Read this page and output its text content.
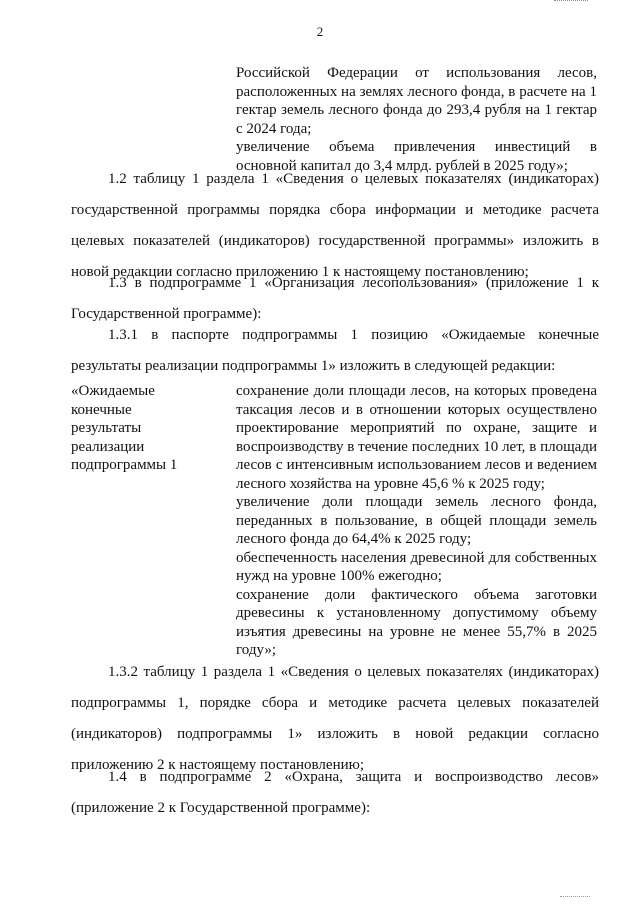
2

Российской Федерации от использования лесов, расположенных на землях лесного фонда, в расчете на 1 гектар земель лесного фонда до 293,4 рубля на 1 гектар с 2024 года;

увеличение объема привлечения инвестиций в основной капитал до 3,4 млрд. рублей в 2025 году»;

1.2 таблицу 1 раздела 1 «Сведения о целевых показателях (индикаторах) государственной программы порядка сбора информации и методике расчета целевых показателей (индикаторов) государственной программы» изложить в новой редакции согласно приложению 1 к настоящему постановлению;

1.3 в подпрограмме 1 «Организация лесопользования» (приложение 1 к Государственной программе):

1.3.1 в паспорте подпрограммы 1 позицию «Ожидаемые конечные результаты реализации подпрограммы 1» изложить в следующей редакции:

«Ожидаемые
конечные
результаты
реализации
подпрограммы 1

сохранение доли площади лесов, на которых проведена таксация лесов и в отношении которых осуществлено проектирование мероприятий по охране, защите и воспроизводству в течение последних 10 лет, в площади лесов с интенсивным использованием лесов и ведением лесного хозяйства на уровне 45,6 % к 2025 году;

увеличение доли площади земель лесного фонда, переданных в пользование, в общей площади земель лесного фонда до 64,4% к 2025 году;

обеспеченность населения древесиной для собственных нужд на уровне 100% ежегодно;

сохранение доли фактического объема заготовки древесины к установленному допустимому объему изъятия древесины на уровне не менее 55,7% в 2025 году»;

1.3.2 таблицу 1 раздела 1 «Сведения о целевых показателях (индикаторах) подпрограммы 1, порядке сбора и методике расчета целевых показателей (индикаторов) подпрограммы 1» изложить в новой редакции согласно приложению 2 к настоящему постановлению;

1.4 в подпрограмме 2 «Охрана, защита и воспроизводство лесов» (приложение 2 к Государственной программе):
